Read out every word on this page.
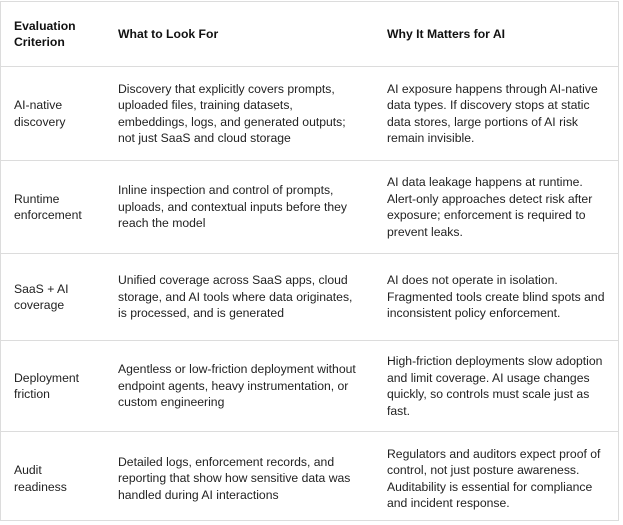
Evaluation Criterion	What to Look For	Why It Matters for AI
AI-native discovery	Discovery that explicitly covers prompts, uploaded files, training datasets, embeddings, logs, and generated outputs; not just SaaS and cloud storage	AI exposure happens through AI-native data types. If discovery stops at static data stores, large portions of AI risk remain invisible.
Runtime enforcement	Inline inspection and control of prompts, uploads, and contextual inputs before they reach the model	AI data leakage happens at runtime. Alert-only approaches detect risk after exposure; enforcement is required to prevent leaks.
SaaS + AI coverage	Unified coverage across SaaS apps, cloud storage, and AI tools where data originates, is processed, and is generated	AI does not operate in isolation. Fragmented tools create blind spots and inconsistent policy enforcement.
Deployment friction	Agentless or low-friction deployment without endpoint agents, heavy instrumentation, or custom engineering	High-friction deployments slow adoption and limit coverage. AI usage changes quickly, so controls must scale just as fast.
Audit readiness	Detailed logs, enforcement records, and reporting that show how sensitive data was handled during AI interactions	Regulators and auditors expect proof of control, not just posture awareness. Auditability is essential for compliance and incident response.
